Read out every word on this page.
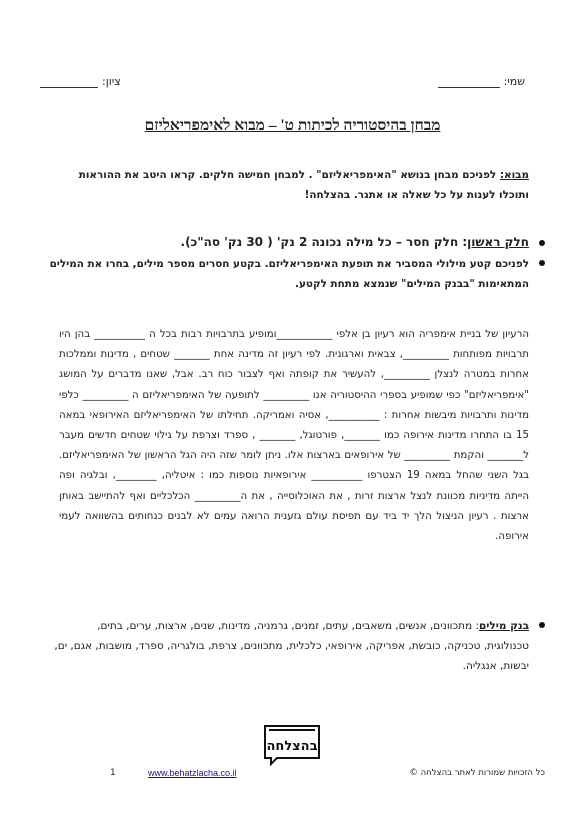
שמי:
ציון:
מבחן בהיסטוריה לכיתות ט' – מבוא לאימפריאליזם
מבוא: לפניכם מבחן בנושא "האימפריאליזם" . למבחן חמישה חלקים. קראו היטב את ההוראות ותוכלו לענות על כל שאלה או אתגר. בהצלחה!
חלק ראשון: חלק חסר – כל מילה נכונה 2 נק' ( 30 נק' סה"כ).
לפניכם קטע מילולי המסביר את תופעת האימפריאליזם. בקטע חסרים מספר מילים, בחרו את המילים המתאימות "בבנק המילים" שנמצא מתחת לקטע.
הרעיון של בניית אימפריה הוא רעיון בן אלפי ___________ומופיע בתרבויות רבות בכל ה __________ בהן היו תרבויות מפותחות _________, צבאית וארגונית. לפי רעיון זה מדינה אחת _______ שטחים , מדינות וממלכות אחרות במטרה לנצלן _________, להעשיר את קופתה ואף לצבור כוח רב. אבל, שאנו מדברים על המושג "אימפריאליזם" כפי שמופיע בספרי ההיסטוריה אנו _________ לתופעה של האימפריאליזם ה _________ כלפי מדינות ותרבויות מיבשות אחרות : __________, אסיה ואמריקה. תחילתו של האימפריאליזם האירופאי במאה 15 בו התחרו מדינות אירופה כמו _______, פורטוגל, _______ , ספרד וצרפת על גילוי שטחים חדשים מעבר ל_______ והקמת _________ של אירופאים בארצות אלו. ניתן לומר שזה היה הגל הראשון של האימפריאליזם. בגל השני שהחל במאה 19 הצטרפו __________ אירופאיות נוספות כמו : איטליה, ________, ובלגיה ופה הייתה מדיניות מכוונת לנצל ארצות זרות , את האוכלוסייה , את ה_________ הכלכליים ואף להתיישב באותן ארצות . רעיון הניצול הלך יד ביד עם תפיסת עולם גזענית הרואה עמים לא לבנים כנחותים בהשוואה לעמי אירופה.
בנק מילים: מתכוונים, אנשים, משאבים, עתים, זמנים, גרמניה, מדינות, שנים, ארצות, ערים, בתים, טכנולוגית, טכניקה, כובשת, אפריקה, אירופאי, כלכלית, מתכוונים, צרפת, בולגריה, ספרד, מושבות, אגם, ים, יבשות, אנגליה.
בהצלחה
כל הזכויות שמורות לאתר בהצלחה ©
www.behatzlacha.co.il
1
